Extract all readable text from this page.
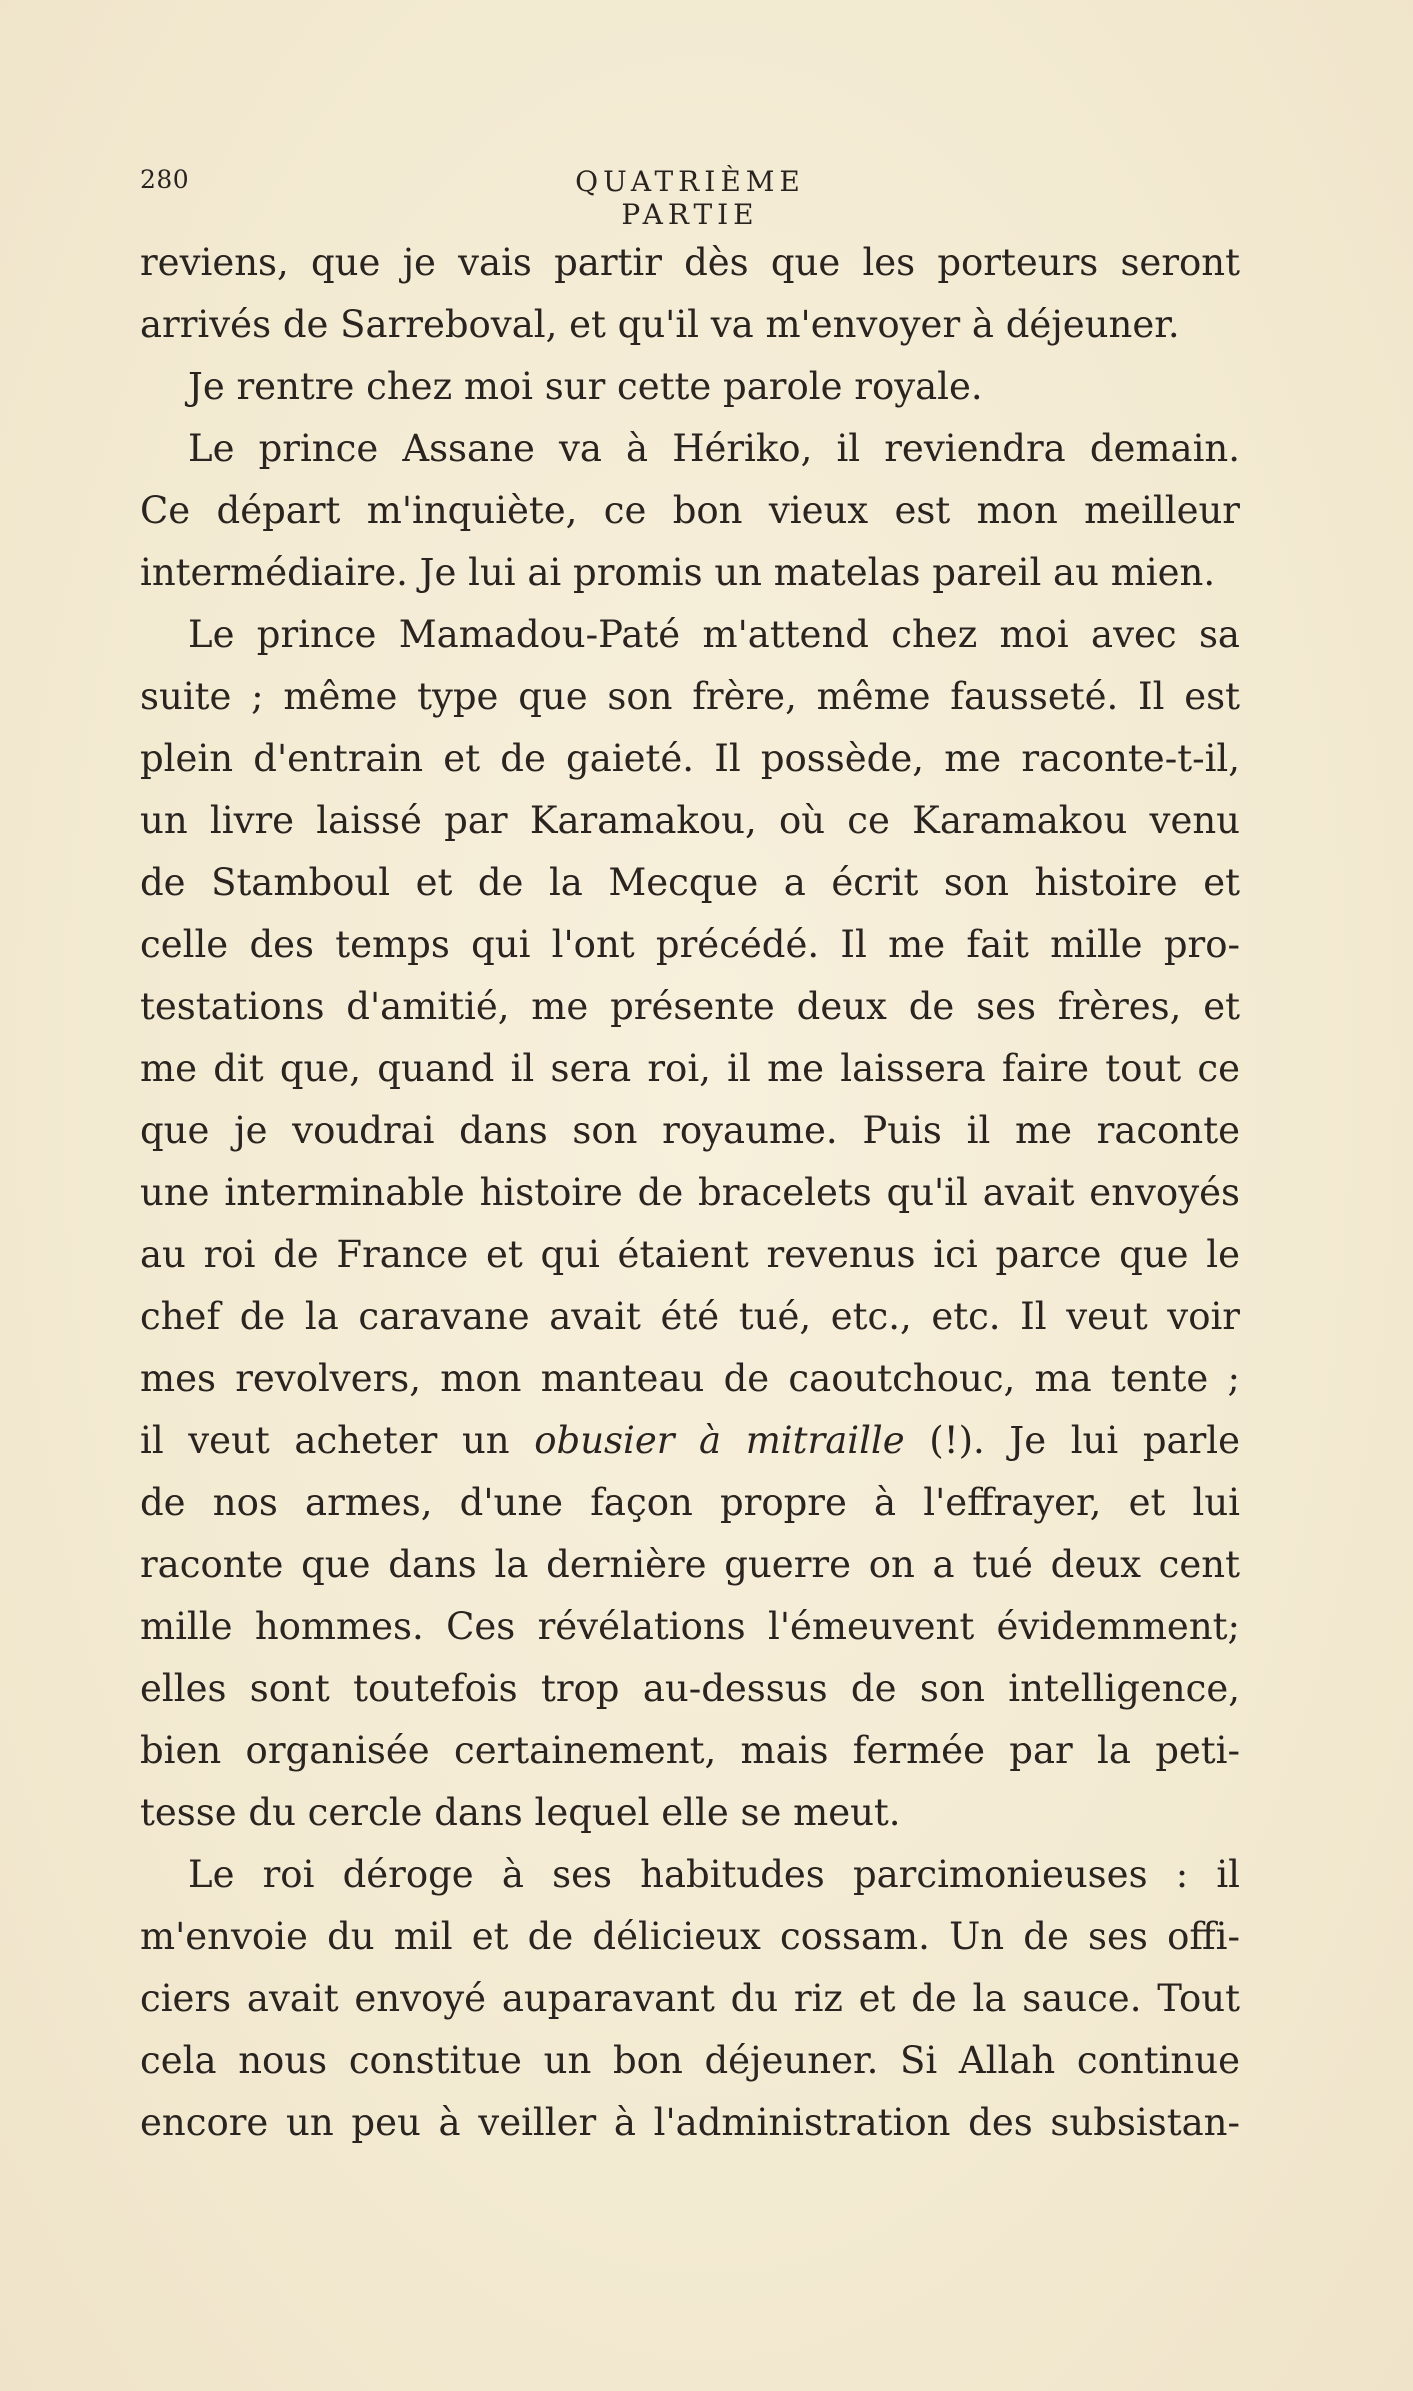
280	QUATRIÈME PARTIE
reviens, que je vais partir dès que les porteurs seront
arrivés de Sarreboval, et qu'il va m'envoyer à déjeuner.
Je rentre chez moi sur cette parole royale.
Le prince Assane va à Hériko, il reviendra demain.
Ce départ m'inquiète, ce bon vieux est mon meilleur
intermédiaire. Je lui ai promis un matelas pareil au mien.
Le prince Mamadou-Paté m'attend chez moi avec sa
suite ; même type que son frère, même fausseté. Il est
plein d'entrain et de gaieté. Il possède, me raconte-t-il,
un livre laissé par Karamakou, où ce Karamakou venu
de Stamboul et de la Mecque a écrit son histoire et
celle des temps qui l'ont précédé. Il me fait mille pro-
testations d'amitié, me présente deux de ses frères, et
me dit que, quand il sera roi, il me laissera faire tout ce
que je voudrai dans son royaume. Puis il me raconte
une interminable histoire de bracelets qu'il avait envoyés
au roi de France et qui étaient revenus ici parce que le
chef de la caravane avait été tué, etc., etc. Il veut voir
mes revolvers, mon manteau de caoutchouc, ma tente ;
il veut acheter un obusier à mitraille (!). Je lui parle
de nos armes, d'une façon propre à l'effrayer, et lui
raconte que dans la dernière guerre on a tué deux cent
mille hommes. Ces révélations l'émeuvent évidemment;
elles sont toutefois trop au-dessus de son intelligence,
bien organisée certainement, mais fermée par la peti-
tesse du cercle dans lequel elle se meut.
Le roi déroge à ses habitudes parcimonieuses : il
m'envoie du mil et de délicieux cossam. Un de ses offi-
ciers avait envoyé auparavant du riz et de la sauce. Tout
cela nous constitue un bon déjeuner. Si Allah continue
encore un peu à veiller à l'administration des subsistan-
